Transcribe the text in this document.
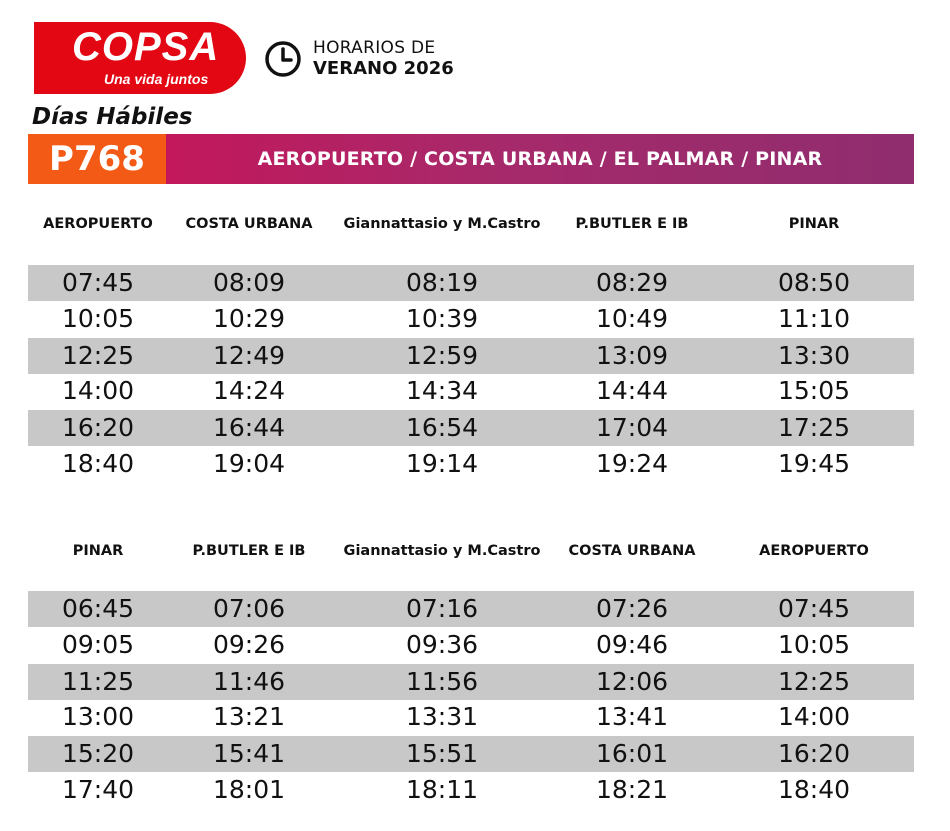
COPSA
Una vida juntos
HORARIOS DE
VERANO 2026
Días Hábiles
P768	AEROPUERTO / COSTA URBANA / EL PALMAR / PINAR
AEROPUERTO	COSTA URBANA	Giannattasio y M.Castro	P.BUTLER E IB	PINAR
07:45	08:09	08:19	08:29	08:50
10:05	10:29	10:39	10:49	11:10
12:25	12:49	12:59	13:09	13:30
14:00	14:24	14:34	14:44	15:05
16:20	16:44	16:54	17:04	17:25
18:40	19:04	19:14	19:24	19:45
PINAR	P.BUTLER E IB	Giannattasio y M.Castro	COSTA URBANA	AEROPUERTO
06:45	07:06	07:16	07:26	07:45
09:05	09:26	09:36	09:46	10:05
11:25	11:46	11:56	12:06	12:25
13:00	13:21	13:31	13:41	14:00
15:20	15:41	15:51	16:01	16:20
17:40	18:01	18:11	18:21	18:40
